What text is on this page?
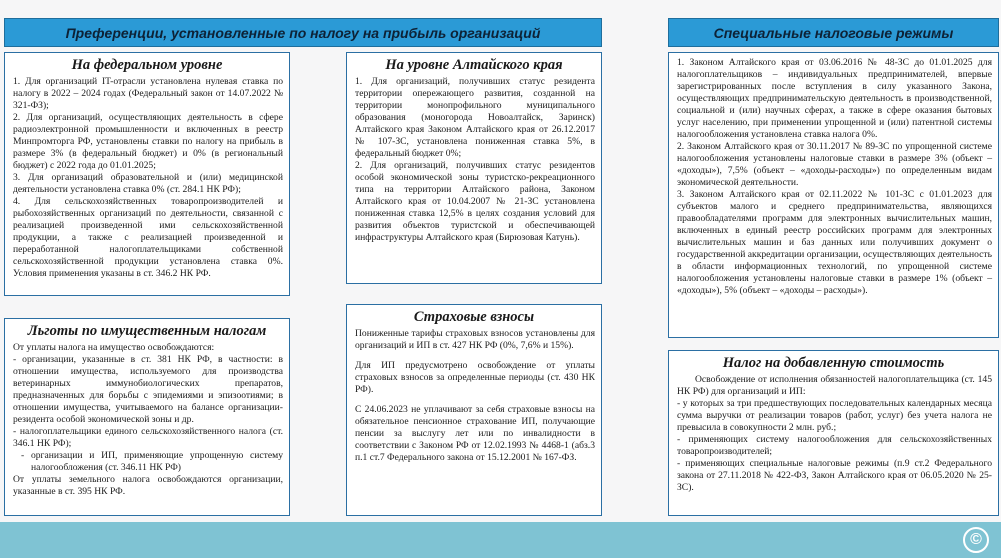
Преференции, установленные по налогу на прибыль организаций	Специальные налоговые режимы
На федеральном уровне

1. Для организаций IT-отрасли установлена нулевая ставка по налогу в 2022 – 2024 годах (Федеральный закон от 14.07.2022 № 321-ФЗ);

2. Для организаций, осуществляющих деятельность в сфере радиоэлектронной промышленности и включенных в реестр Минпромторга РФ, установлены ставки по налогу на прибыль в размере 3% (в федеральный бюджет) и 0% (в региональный бюджет) с 2022 года до 01.01.2025;

3. Для организаций образовательной и (или) медицинской деятельности установлена ставка 0% (ст. 284.1 НК РФ);

4. Для сельскохозяйственных товаропроизводителей и рыбохозяйственных организаций по деятельности, связанной с реализацией произведенной ими сельскохозяйственной продукции, а также с реализацией произведенной и переработанной налогоплательщиками собственной сельскохозяйственной продукции установлена ставка 0%. Условия применения указаны в ст. 346.2 НК РФ.

На уровне Алтайского края

1. Для организаций, получивших статус резидента территории опережающего развития, созданной на территории монопрофильного муниципального образования (моногорода Новоалтайск, Заринск) Алтайского края Законом Алтайского края от 26.12.2017 № 107-ЗС, установлена пониженная ставка 5%, в федеральный бюджет 0%;

2. Для организаций, получивших статус резидентов особой экономической зоны туристско-рекреационного типа на территории Алтайского района, Законом Алтайского края от 10.04.2007 № 21-ЗС установлена пониженная ставка 12,5% в целях создания условий для развития объектов туристской и обеспечивающей инфраструктуры Алтайского края (Бирюзовая Катунь).

Льготы по имущественным налогам

От уплаты налога на имущество освобождаются:

- организации, указанные в ст. 381 НК РФ, в частности: в отношении имущества, используемого для производства ветеринарных иммунобиологических препаратов, предназначенных для борьбы с эпидемиями и эпизоотиями; в отношении имущества, учитываемого на балансе организации-резидента особой экономической зоны и др.

- налогоплательщики единого сельскохозяйственного налога (ст. 346.1 НК РФ);

- организации и ИП, применяющие упрощенную систему налогообложения (ст. 346.11 НК РФ)

От уплаты земельного налога освобождаются организации, указанные в ст. 395 НК РФ.

Страховые взносы

Пониженные тарифы страховых взносов установлены для организаций и ИП в ст. 427 НК РФ (0%, 7,6% и 15%).

Для ИП предусмотрено освобождение от уплаты страховых взносов за определенные периоды (ст. 430 НК РФ).

С 24.06.2023 не уплачивают за себя страховые взносы на обязательное пенсионное страхование ИП, получающие пенсии за выслугу лет или по инвалидности в соответствии с Законом РФ от 12.02.1993 № 4468-1 (абз.3 п.1 ст.7 Федерального закона от 15.12.2001 № 167-ФЗ.

1. Законом Алтайского края от 03.06.2016 № 48-ЗС до 01.01.2025 для налогоплательщиков – индивидуальных предпринимателей, впервые зарегистрированных после вступления в силу указанного Закона, осуществляющих предпринимательскую деятельность в производственной, социальной и (или) научных сферах, а также в сфере оказания бытовых услуг населению, при применении упрощенной и (или) патентной системы налогообложения установлена ставка налога 0%.

2. Законом Алтайского края от 30.11.2017 № 89-ЗС по упрощенной системе налогообложения установлены налоговые ставки в размере 3% (объект – «доходы»), 7,5% (объект – «доходы-расходы») по определенным видам экономической деятельности.

3. Законом Алтайского края от 02.11.2022 № 101-ЗС с 01.01.2023 для субъектов малого и среднего предпринимательства, являющихся правообладателями программ для электронных вычислительных машин, включенных в единый реестр российских программ для электронных вычислительных машин и баз данных или получивших документ о государственной аккредитации организации, осуществляющих деятельность в области информационных технологий, по упрощенной системе налогообложения установлены налоговые ставки в размере 1% (объект – «доходы»), 5% (объект – «доходы – расходы»).

Налог на добавленную стоимость

Освобождение от исполнения обязанностей налогоплательщика (ст. 145 НК РФ) для организаций и ИП:

- у которых за три предшествующих последовательных календарных месяца сумма выручки от реализации товаров (работ, услуг) без учета налога не превысила в совокупности 2 млн. руб.;

- применяющих систему налогообложения для сельскохозяйственных товаропроизводителей;

- применяющих специальные налоговые режимы (п.9 ст.2 Федерального закона от 27.11.2018 № 422-ФЗ, Закон Алтайского края от 06.05.2020 № 25-ЗС).

©
